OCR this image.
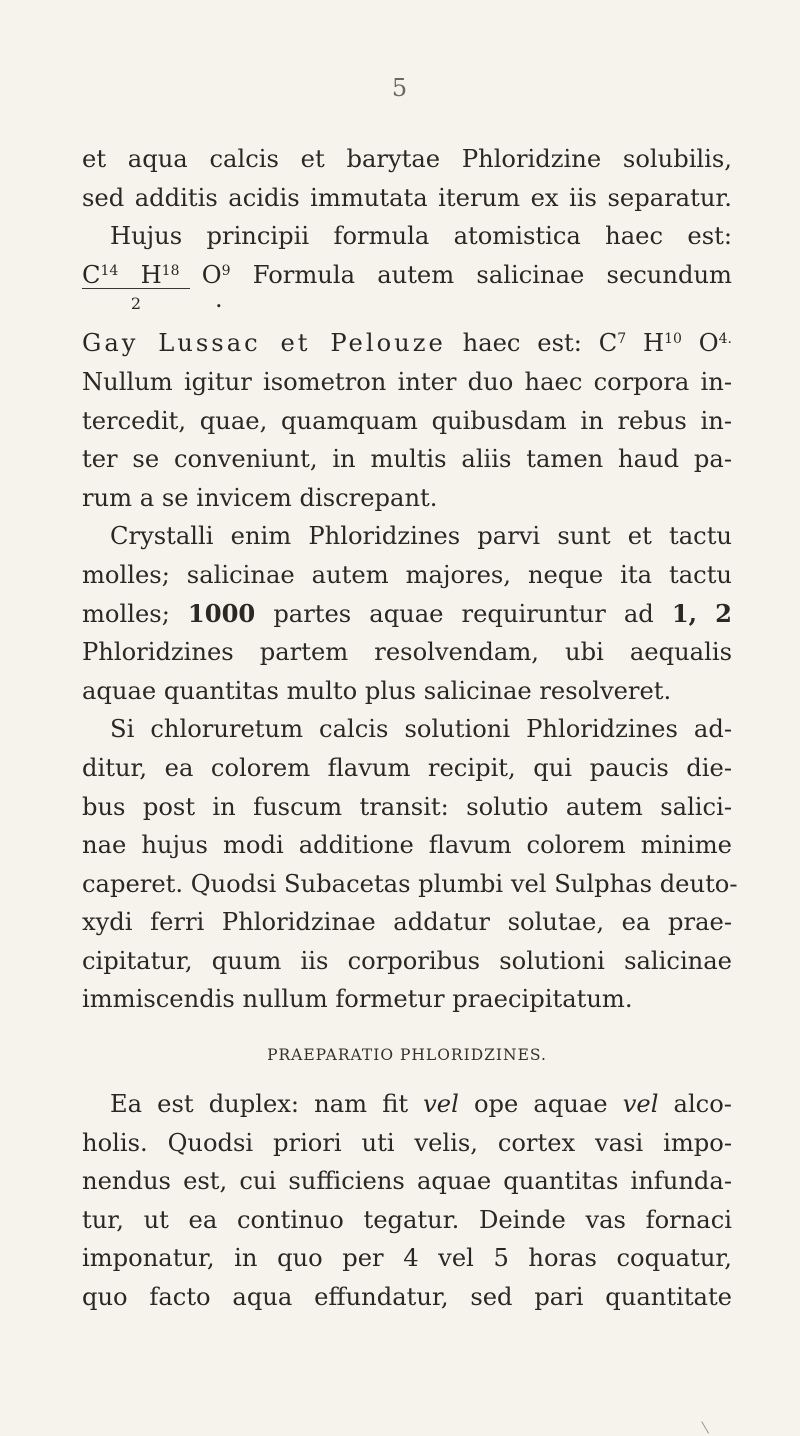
5
et aqua calcis et barytae Phloridzine solubilis,
sed additis acidis immutata iterum ex iis separatur.
Hujus principii formula atomistica haec est:
$C^{14}$ $H^{18}$ $O^9$ Formula autem salicinae secundum
2	.
Gay Lussac et Pelouze haec est: $C^7$ $H^{10}$ $O^{4.}$
Nullum igitur isometron inter duo haec corpora in-
tercedit, quae, quamquam quibusdam in rebus in-
ter se conveniunt, in multis aliis tamen haud pa-
rum a se invicem discrepant.
Crystalli enim Phloridzines parvi sunt et tactu
molles; salicinae autem majores, neque ita tactu
molles; 1000 partes aquae requiruntur ad 1, 2
Phloridzines partem resolvendam, ubi aequalis
aquae quantitas multo plus salicinae resolveret.
Si chloruretum calcis solutioni Phloridzines ad-
ditur, ea colorem flavum recipit, qui paucis die-
bus post in fuscum transit: solutio autem salici-
nae hujus modi additione flavum colorem minime
caperet. Quodsi Subacetas plumbi vel Sulphas deuto-
xydi ferri Phloridzinae addatur solutae, ea prae-
cipitatur, quum iis corporibus solutioni salicinae
immiscendis nullum formetur praecipitatum.
PRAEPARATIO PHLORIDZINES.
Ea est duplex: nam fit vel ope aquae vel alco-
holis. Quodsi priori uti velis, cortex vasi impo-
nendus est, cui sufficiens aquae quantitas infunda-
tur, ut ea continuo tegatur. Deinde vas fornaci
imponatur, in quo per 4 vel 5 horas coquatur,
quo facto aqua effundatur, sed pari quantitate
